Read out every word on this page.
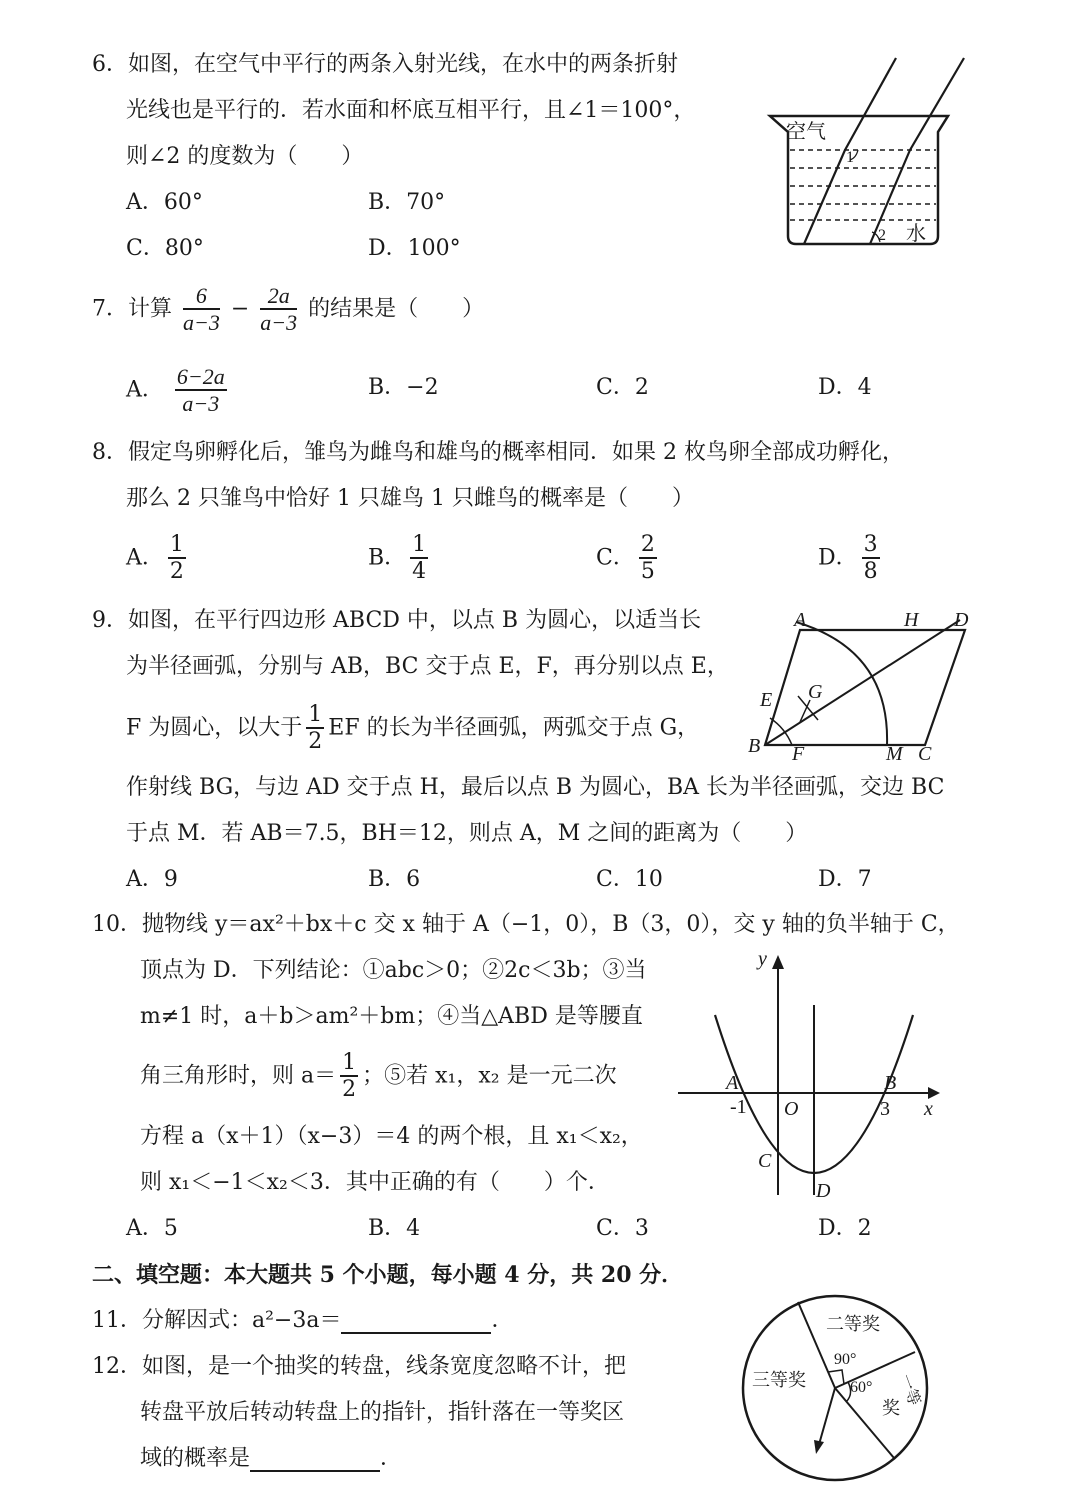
6．如图，在空气中平行的两条入射光线，在水中的两条折射
光线也是平行的．若水面和杯底互相平行，且∠1＝100°，
则∠2 的度数为（　　）
A．60°	B．70°
C．80°	D．100°
空气
1
2 水
7．计算 $\frac{6}{a-3} - \frac{2a}{a-3}$ 的结果是（　　）
A． $\frac{6-2a}{a-3}$	B．−2	C．2	D．4
8．假定鸟卵孵化后，雏鸟为雌鸟和雄鸟的概率相同．如果 2 枚鸟卵全部成功孵化，
那么 2 只雏鸟中恰好 1 只雄鸟 1 只雌鸟的概率是（　　）
A． $\frac{1}{2}$	B． $\frac{1}{4}$	C． $\frac{2}{5}$	D． $\frac{3}{8}$
9．如图，在平行四边形 ABCD 中，以点 B 为圆心，以适当长
为半径画弧，分别与 AB，BC 交于点 E，F，再分别以点 E，
F 为圆心，以大于 $\frac{1}{2}$ EF 的长为半径画弧，两弧交于点 G，
作射线 BG，与边 AD 交于点 H，最后以点 B 为圆心，BA 长为半径画弧，交边 BC
于点 M．若 AB＝7.5，BH＝12，则点 A，M 之间的距离为（　　）
A．9	B．6	C．10	D．7
A	H D
E G
B F	M C
10．抛物线 y＝ax²＋bx＋c 交 x 轴于 A（−1，0），B（3，0），交 y 轴的负半轴于 C，
顶点为 D．下列结论：①abc＞0；②2c＜3b；③当
m≠1 时，a＋b＞am²＋bm；④当△ABD 是等腰直
角三角形时，则 $a= \frac{1}{2}$ ；⑤若 x₁，x₂ 是一元二次
方程 a（x＋1）（x−3）＝4 的两个根，且 x₁＜x₂，
则 x₁＜−1＜x₂＜3．其中正确的有（　　）个．
A．5	B．4	C．3	D．2
y
x
A
-1 O
B
3
C
D
二、填空题：本大题共 5 个小题，每小题 4 分，共 20 分．
11．分解因式：a²−3a＝	．
12．如图，是一个抽奖的转盘，线条宽度忽略不计，把
转盘平放后转动转盘上的指针，指针落在一等奖区
域的概率是	．
二等奖
三等奖
90°
60° 一等
奖
